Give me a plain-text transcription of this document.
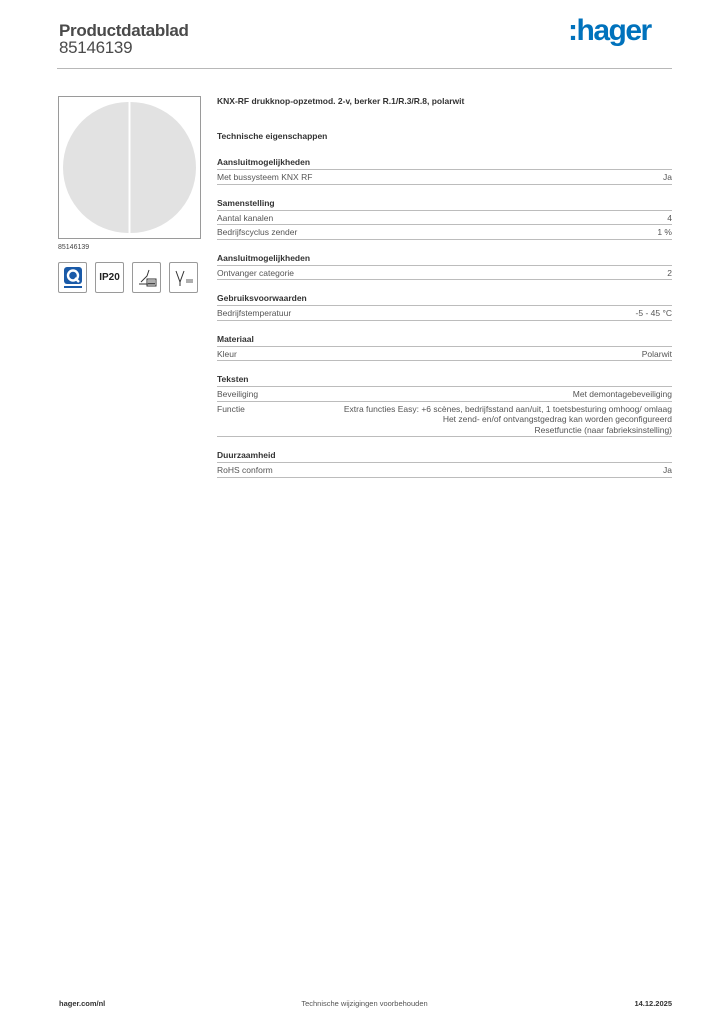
Productdatablad
85146139
:hager
85146139
IP20
KNX-RF drukknop-opzetmod. 2-v, berker R.1/R.3/R.8, polarwit
Technische eigenschappen
Aansluitmogelijkheden
Met bussysteem KNX RF	Ja
Samenstelling
Aantal kanalen	4
Bedrijfscyclus zender	1 %
Aansluitmogelijkheden
Ontvanger categorie	2
Gebruiksvoorwaarden
Bedrijfstemperatuur	-5 - 45 °C
Materiaal
Kleur	Polarwit
Teksten
Beveiliging	Met demontagebeveiliging
Functie	Extra functies Easy: +6 scènes, bedrijfsstand aan/uit, 1 toetsbesturing omhoog/ omlaag
Het zend- en/of ontvangstgedrag kan worden geconfigureerd
Resetfunctie (naar fabrieksinstelling)
Duurzaamheid
RoHS conform	Ja
hager.com/nl	Technische wijzigingen voorbehouden	14.12.2025
